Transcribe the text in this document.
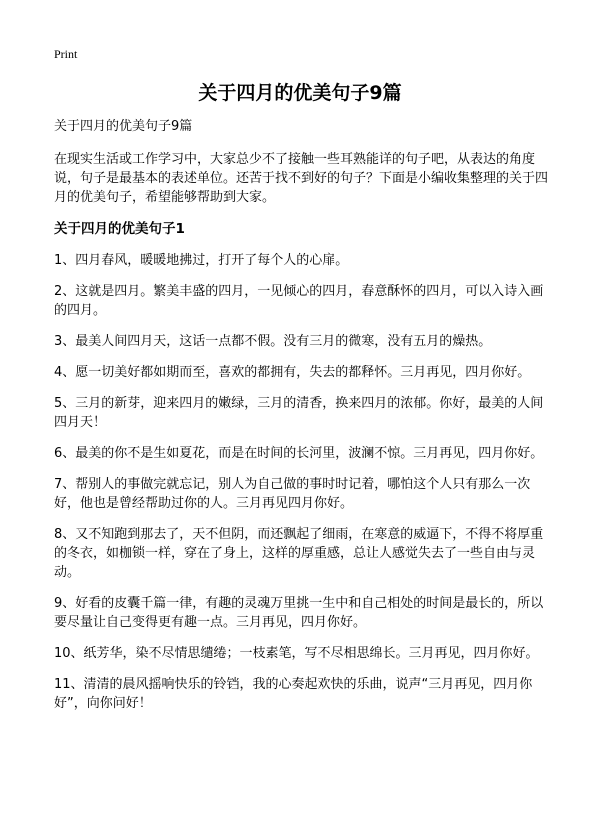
Print
关于四月的优美句子9篇

关于四月的优美句子9篇

在现实生活或工作学习中，大家总少不了接触一些耳熟能详的句子吧，从表达的角度说，句子是最基本的表述单位。还苦于找不到好的句子？下面是小编收集整理的关于四月的优美句子，希望能够帮助到大家。

关于四月的优美句子1

1、四月春风，暖暖地拂过，打开了每个人的心扉。

2、这就是四月。繁美丰盛的四月，一见倾心的四月，春意酥怀的四月，可以入诗入画的四月。

3、最美人间四月天，这话一点都不假。没有三月的微寒，没有五月的燥热。

4、愿一切美好都如期而至，喜欢的都拥有，失去的都释怀。三月再见，四月你好。

5、三月的新芽，迎来四月的嫩绿，三月的清香，换来四月的浓郁。你好，最美的人间四月天！

6、最美的你不是生如夏花，而是在时间的长河里，波澜不惊。三月再见，四月你好。

7、帮别人的事做完就忘记，别人为自己做的事时时记着，哪怕这个人只有那么一次好，他也是曾经帮助过你的人。三月再见四月你好。

8、又不知跑到那去了，天不但阴，而还飘起了细雨，在寒意的威逼下，不得不将厚重的冬衣，如枷锁一样，穿在了身上，这样的厚重感，总让人感觉失去了一些自由与灵动。

9、好看的皮囊千篇一律，有趣的灵魂万里挑一生中和自己相处的时间是最长的，所以要尽量让自己变得更有趣一点。三月再见，四月你好。

10、纸芳华，染不尽情思缱绻；一枝素笔，写不尽相思绵长。三月再见，四月你好。

11、清清的晨风摇响快乐的铃铛，我的心奏起欢快的乐曲，说声“三月再见，四月你好”，向你问好！
